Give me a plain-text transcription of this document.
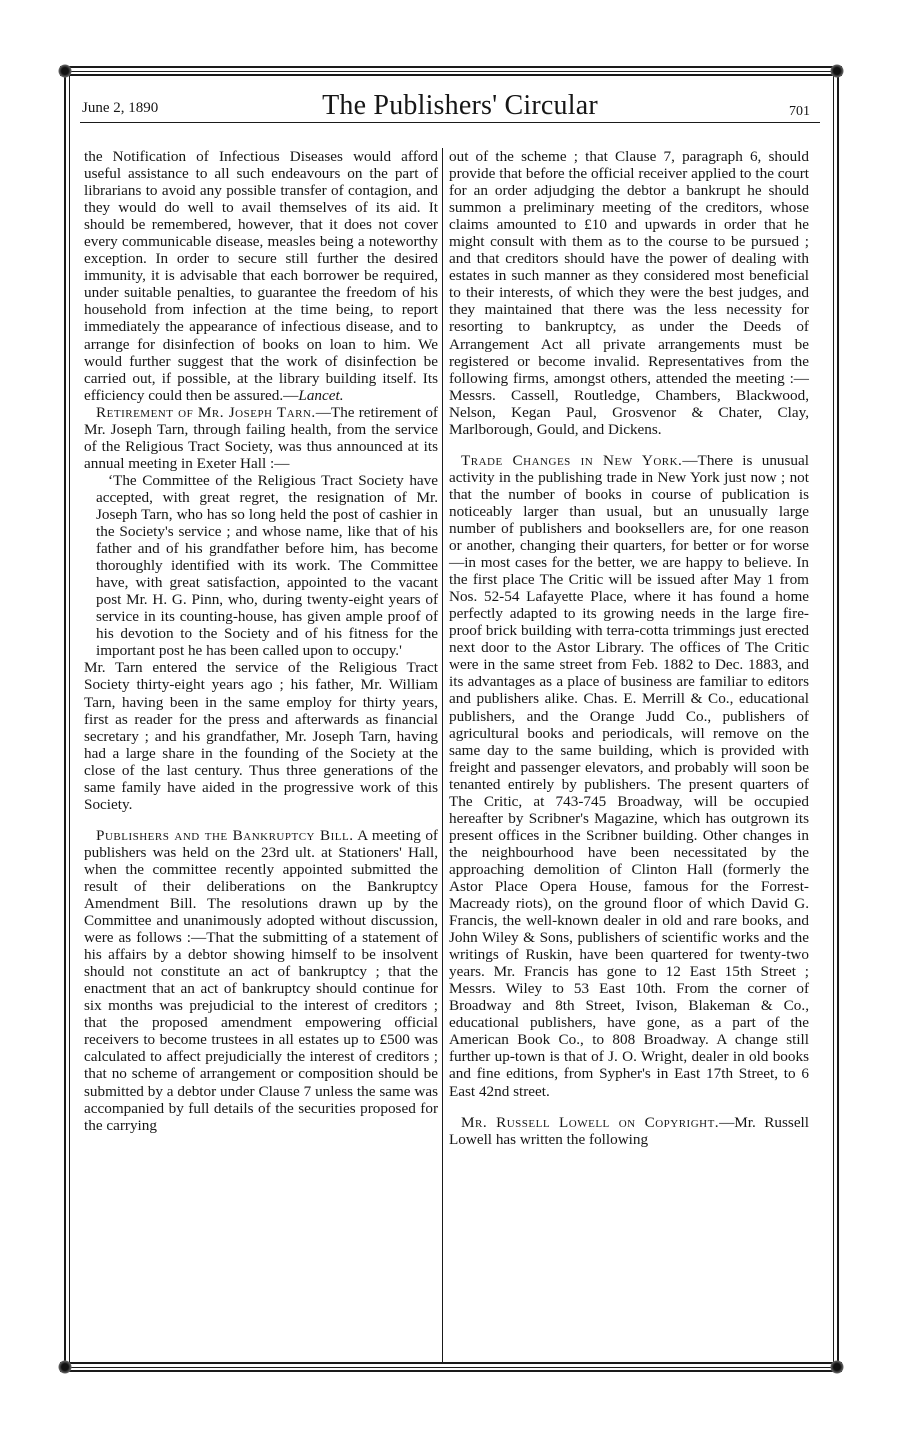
June 2, 1890	The Publishers' Circular	701

the Notification of Infectious Diseases would afford useful assistance to all such endeavours on the part of librarians to avoid any possible transfer of contagion, and they would do well to avail themselves of its aid. It should be remembered, however, that it does not cover every communicable disease, measles being a noteworthy exception. In order to secure still further the desired immunity, it is advisable that each borrower be required, under suitable penalties, to guarantee the freedom of his household from infection at the time being, to report immediately the appearance of infectious disease, and to arrange for disinfection of books on loan to him. We would further suggest that the work of disinfection be carried out, if possible, at the library building itself. Its efficiency could then be assured.—Lancet.

Retirement of Mr. Joseph Tarn.—The retirement of Mr. Joseph Tarn, through failing health, from the service of the Religious Tract Society, was thus announced at its annual meeting in Exeter Hall :—

‘The Committee of the Religious Tract Society have accepted, with great regret, the resignation of Mr. Joseph Tarn, who has so long held the post of cashier in the Society's service ; and whose name, like that of his father and of his grandfather before him, has become thoroughly identified with its work. The Committee have, with great satisfaction, appointed to the vacant post Mr. H. G. Pinn, who, during twenty-eight years of service in its counting-house, has given ample proof of his devotion to the Society and of his fitness for the important post he has been called upon to occupy.'

Mr. Tarn entered the service of the Religious Tract Society thirty-eight years ago ; his father, Mr. William Tarn, having been in the same employ for thirty years, first as reader for the press and afterwards as financial secretary ; and his grandfather, Mr. Joseph Tarn, having had a large share in the founding of the Society at the close of the last century. Thus three generations of the same family have aided in the progressive work of this Society.

Publishers and the Bankruptcy Bill. A meeting of publishers was held on the 23rd ult. at Stationers' Hall, when the committee recently appointed submitted the result of their deliberations on the Bankruptcy Amendment Bill. The resolutions drawn up by the Committee and unanimously adopted without discussion, were as follows :—That the submitting of a statement of his affairs by a debtor showing himself to be insolvent should not constitute an act of bankruptcy ; that the enactment that an act of bankruptcy should continue for six months was prejudicial to the interest of creditors ; that the proposed amendment empowering official receivers to become trustees in all estates up to £500 was calculated to affect prejudicially the interest of creditors ; that no scheme of arrangement or composition should be submitted by a debtor under Clause 7 unless the same was accompanied by full details of the securities proposed for the carrying

out of the scheme ; that Clause 7, paragraph 6, should provide that before the official receiver applied to the court for an order adjudging the debtor a bankrupt he should summon a preliminary meeting of the creditors, whose claims amounted to £10 and upwards in order that he might consult with them as to the course to be pursued ; and that creditors should have the power of dealing with estates in such manner as they considered most beneficial to their interests, of which they were the best judges, and they maintained that there was the less necessity for resorting to bankruptcy, as under the Deeds of Arrangement Act all private arrangements must be registered or become invalid. Representatives from the following firms, amongst others, attended the meeting :—Messrs. Cassell, Routledge, Chambers, Blackwood, Nelson, Kegan Paul, Grosvenor & Chater, Clay, Marlborough, Gould, and Dickens.

Trade Changes in New York.—There is unusual activity in the publishing trade in New York just now ; not that the number of books in course of publication is noticeably larger than usual, but an unusually large number of publishers and booksellers are, for one reason or another, changing their quarters, for better or for worse—in most cases for the better, we are happy to believe. In the first place The Critic will be issued after May 1 from Nos. 52-54 Lafayette Place, where it has found a home perfectly adapted to its growing needs in the large fire-proof brick building with terra-cotta trimmings just erected next door to the Astor Library. The offices of The Critic were in the same street from Feb. 1882 to Dec. 1883, and its advantages as a place of business are familiar to editors and publishers alike. Chas. E. Merrill & Co., educational publishers, and the Orange Judd Co., publishers of agricultural books and periodicals, will remove on the same day to the same building, which is provided with freight and passenger elevators, and probably will soon be tenanted entirely by publishers. The present quarters of The Critic, at 743-745 Broadway, will be occupied hereafter by Scribner's Magazine, which has outgrown its present offices in the Scribner building. Other changes in the neighbourhood have been necessitated by the approaching demolition of Clinton Hall (formerly the Astor Place Opera House, famous for the Forrest-Macready riots), on the ground floor of which David G. Francis, the well-known dealer in old and rare books, and John Wiley & Sons, publishers of scientific works and the writings of Ruskin, have been quartered for twenty-two years. Mr. Francis has gone to 12 East 15th Street ; Messrs. Wiley to 53 East 10th. From the corner of Broadway and 8th Street, Ivison, Blakeman & Co., educational publishers, have gone, as a part of the American Book Co., to 808 Broadway. A change still further up-town is that of J. O. Wright, dealer in old books and fine editions, from Sypher's in East 17th Street, to 6 East 42nd street.

Mr. Russell Lowell on Copyright.—Mr. Russell Lowell has written the following
